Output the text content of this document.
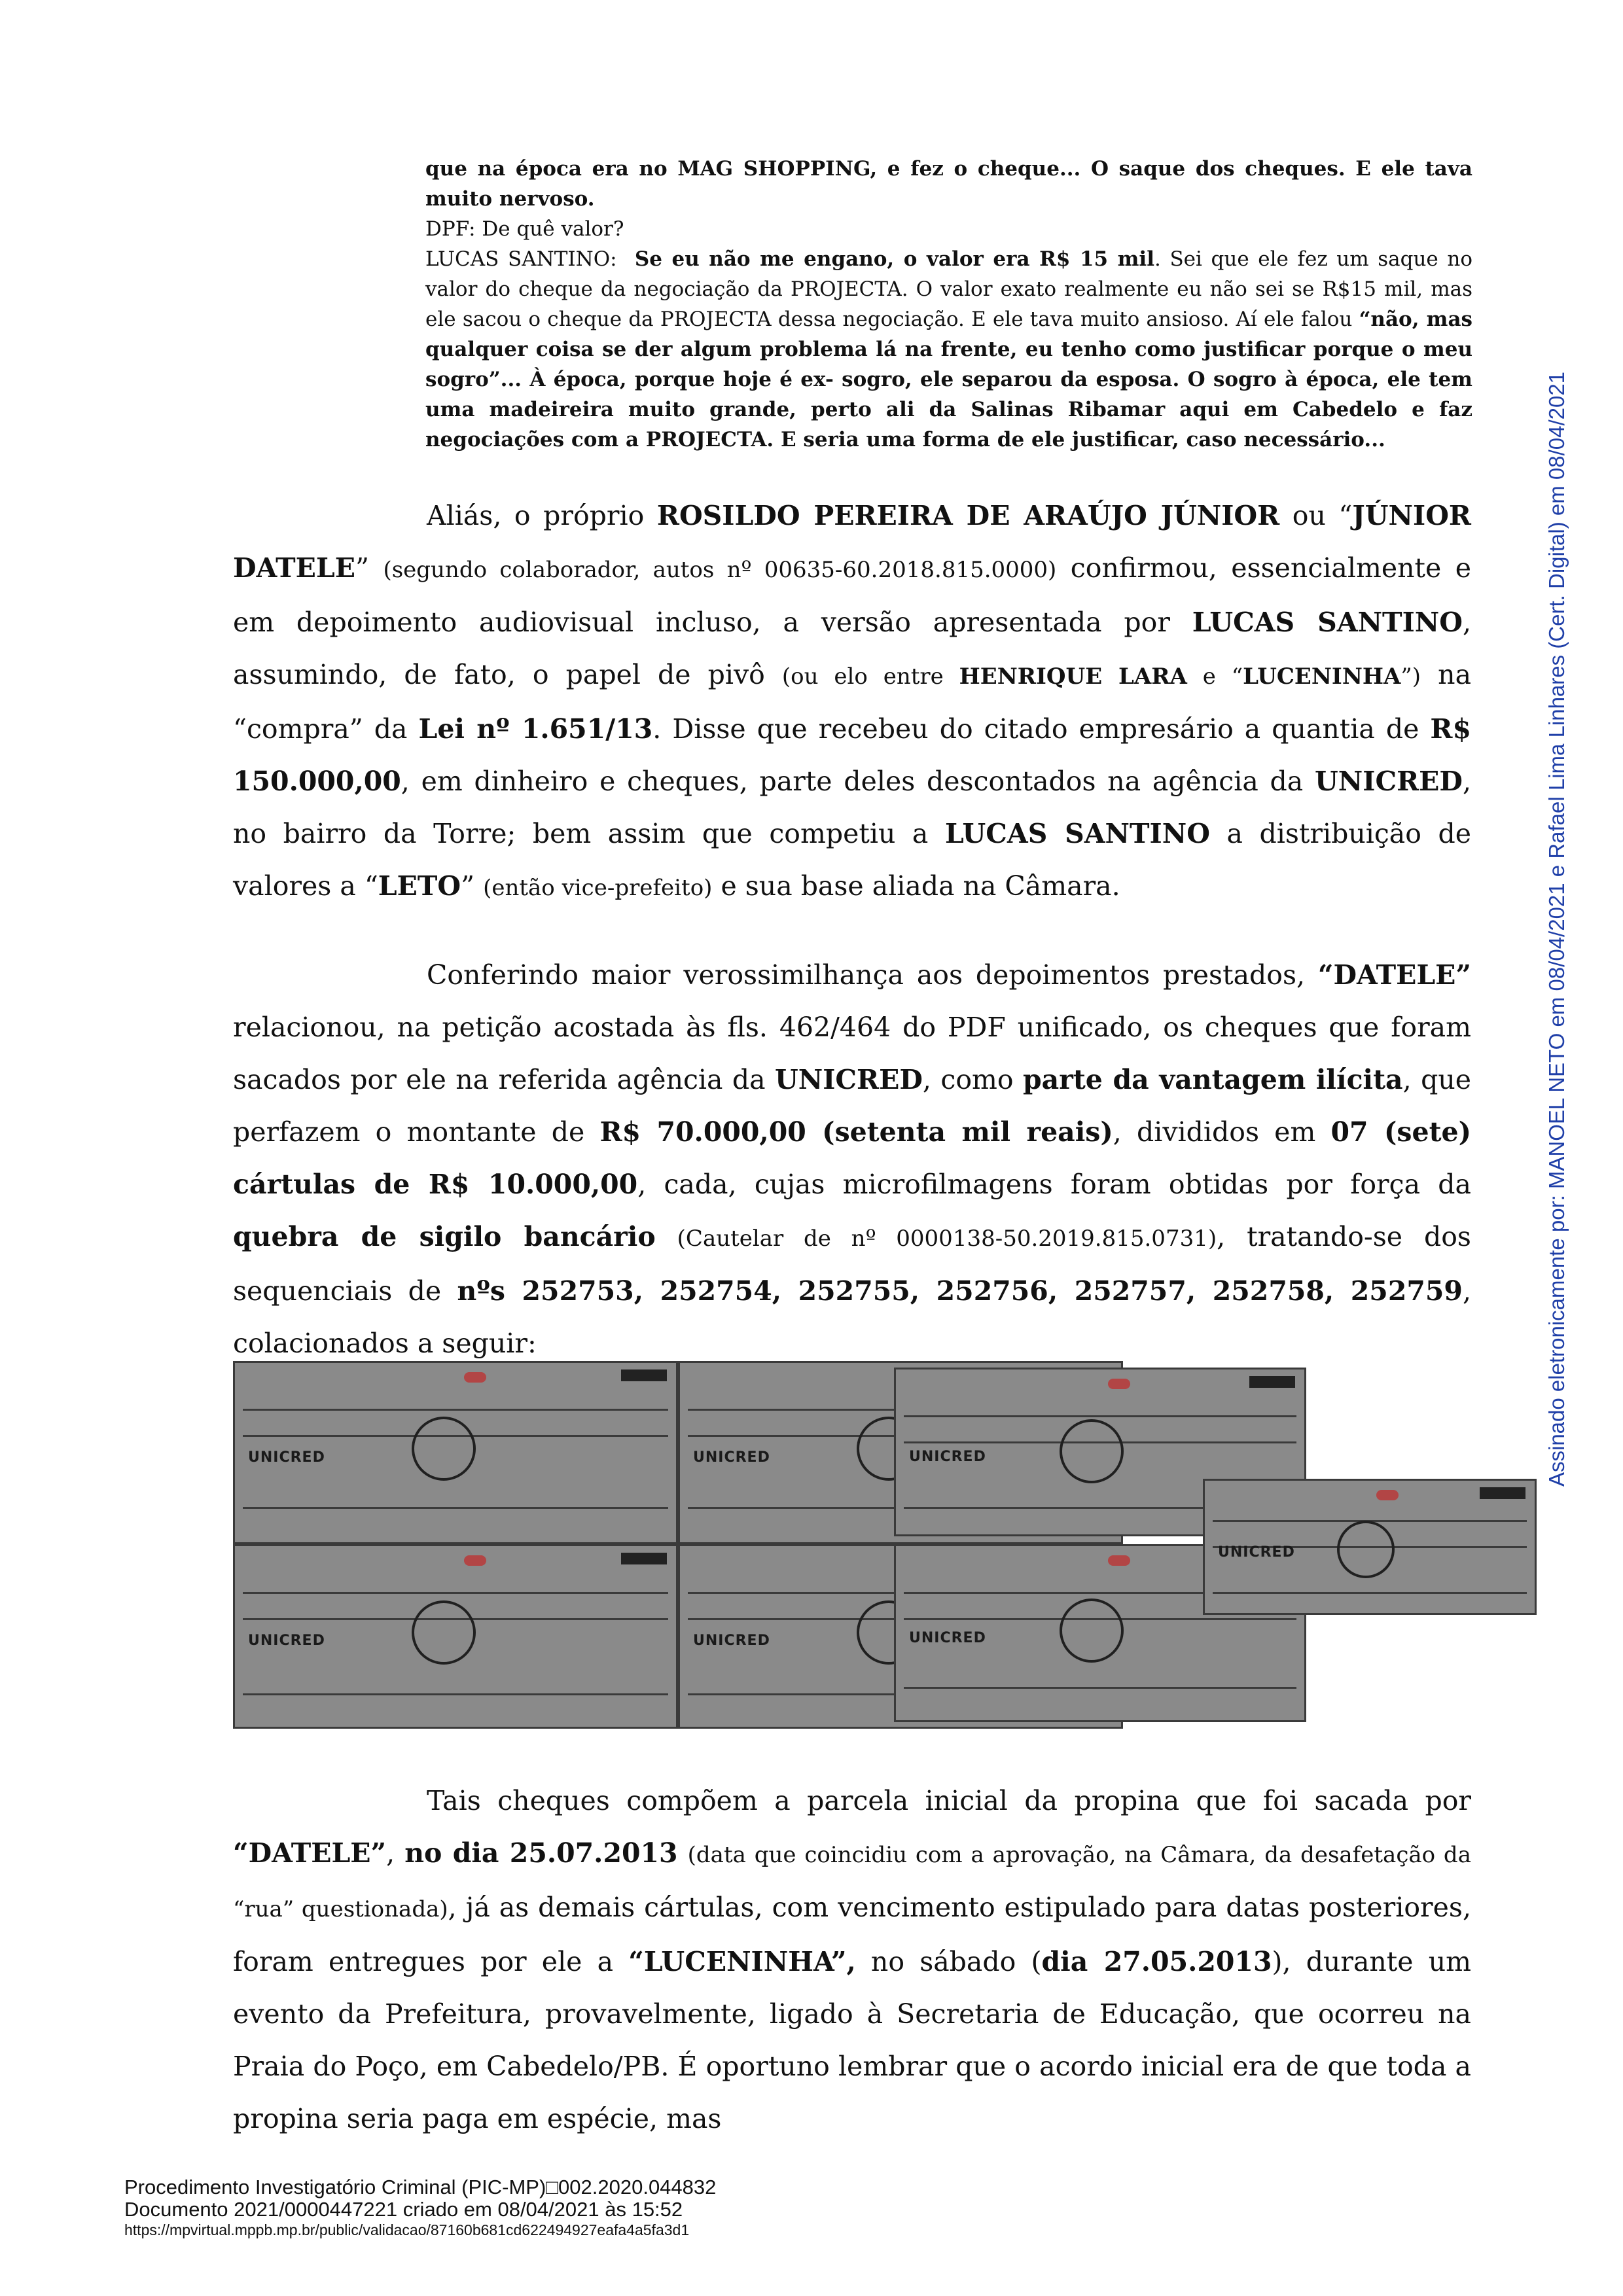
que na época era no MAG SHOPPING, e fez o cheque... O saque dos cheques. E ele tava muito nervoso.

DPF: De quê valor?

LUCAS SANTINO: Se eu não me engano, o valor era R$ 15 mil. Sei que ele fez um saque no valor do cheque da negociação da PROJECTA. O valor exato realmente eu não sei se R$15 mil, mas ele sacou o cheque da PROJECTA dessa negociação. E ele tava muito ansioso. Aí ele falou “não, mas qualquer coisa se der algum problema lá na frente, eu tenho como justificar porque o meu sogro”... À época, porque hoje é ex- sogro, ele separou da esposa. O sogro à época, ele tem uma madeireira muito grande, perto ali da Salinas Ribamar aqui em Cabedelo e faz negociações com a PROJECTA. E seria uma forma de ele justificar, caso necessário...

Aliás, o próprio ROSILDO PEREIRA DE ARAÚJO JÚNIOR ou “JÚNIOR DATELE” (segundo colaborador, autos nº 00635-60.2018.815.0000) confirmou, essencialmente e em depoimento audiovisual incluso, a versão apresentada por LUCAS SANTINO, assumindo, de fato, o papel de pivô (ou elo entre HENRIQUE LARA e “LUCENINHA”) na “compra” da Lei nº 1.651/13. Disse que recebeu do citado empresário a quantia de R$ 150.000,00, em dinheiro e cheques, parte deles descontados na agência da UNICRED, no bairro da Torre; bem assim que competiu a LUCAS SANTINO a distribuição de valores a “LETO” (então vice-prefeito) e sua base aliada na Câmara.

Conferindo maior verossimilhança aos depoimentos prestados, “DATELE” relacionou, na petição acostada às fls. 462/464 do PDF unificado, os cheques que foram sacados por ele na referida agência da UNICRED, como parte da vantagem ilícita, que perfazem o montante de R$ 70.000,00 (setenta mil reais), divididos em 07 (sete) cártulas de R$ 10.000,00, cada, cujas microfilmagens foram obtidas por força da quebra de sigilo bancário (Cautelar de nº 0000138-50.2019.815.0731), tratando-se dos sequenciais de nºs 252753, 252754, 252755, 252756, 252757, 252758, 252759, colacionados a seguir:

UNICRED
UNICRED
UNICRED
UNICRED
UNICRED
UNICRED
UNICRED

Tais cheques compõem a parcela inicial da propina que foi sacada por “DATELE”, no dia 25.07.2013 (data que coincidiu com a aprovação, na Câmara, da desafetação da “rua” questionada), já as demais cártulas, com vencimento estipulado para datas posteriores, foram entregues por ele a “LUCENINHA”, no sábado (dia 27.05.2013), durante um evento da Prefeitura, provavelmente, ligado à Secretaria de Educação, que ocorreu na Praia do Poço, em Cabedelo/PB. É oportuno lembrar que o acordo inicial era de que toda a propina seria paga em espécie, mas

Assinado eletronicamente por: MANOEL NETO em 08/04/2021 e Rafael Lima Linhares (Cert. Digital) em 08/04/2021
Procedimento Investigatório Criminal (PIC-MP)□002.2020.044832
Documento 2021/0000447221 criado em 08/04/2021 às 15:52
https://mpvirtual.mppb.mp.br/public/validacao/87160b681cd622494927eafa4a5fa3d1
